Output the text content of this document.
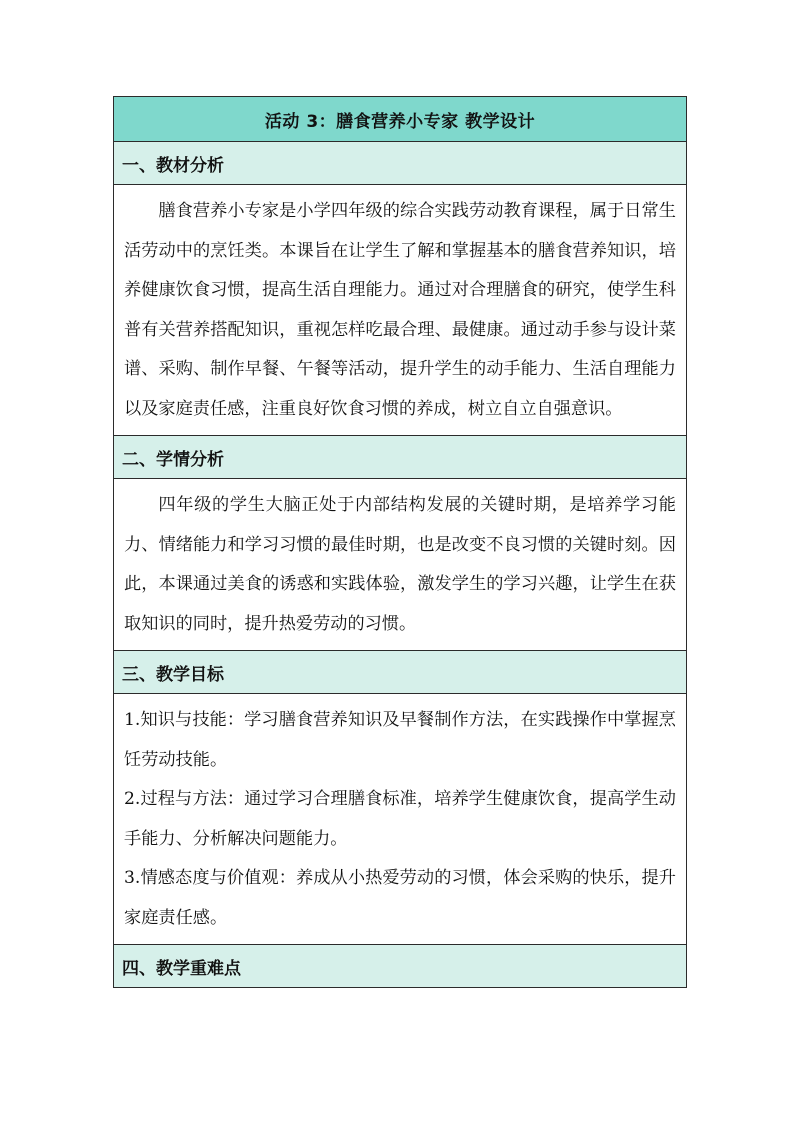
活动 3：膳食营养小专家 教学设计
一、教材分析

膳食营养小专家是小学四年级的综合实践劳动教育课程，属于日常生活劳动中的烹饪类。本课旨在让学生了解和掌握基本的膳食营养知识，培养健康饮食习惯，提高生活自理能力。通过对合理膳食的研究，使学生科普有关营养搭配知识，重视怎样吃最合理、最健康。通过动手参与设计菜谱、采购、制作早餐、午餐等活动，提升学生的动手能力、生活自理能力以及家庭责任感，注重良好饮食习惯的养成，树立自立自强意识。

二、学情分析

四年级的学生大脑正处于内部结构发展的关键时期，是培养学习能力、情绪能力和学习习惯的最佳时期，也是改变不良习惯的关键时刻。因此，本课通过美食的诱惑和实践体验，激发学生的学习兴趣，让学生在获取知识的同时，提升热爱劳动的习惯。

三、教学目标

1.知识与技能：学习膳食营养知识及早餐制作方法，在实践操作中掌握烹饪劳动技能。

2.过程与方法：通过学习合理膳食标准，培养学生健康饮食，提高学生动手能力、分析解决问题能力。

3.情感态度与价值观：养成从小热爱劳动的习惯，体会采购的快乐，提升家庭责任感。

四、教学重难点
